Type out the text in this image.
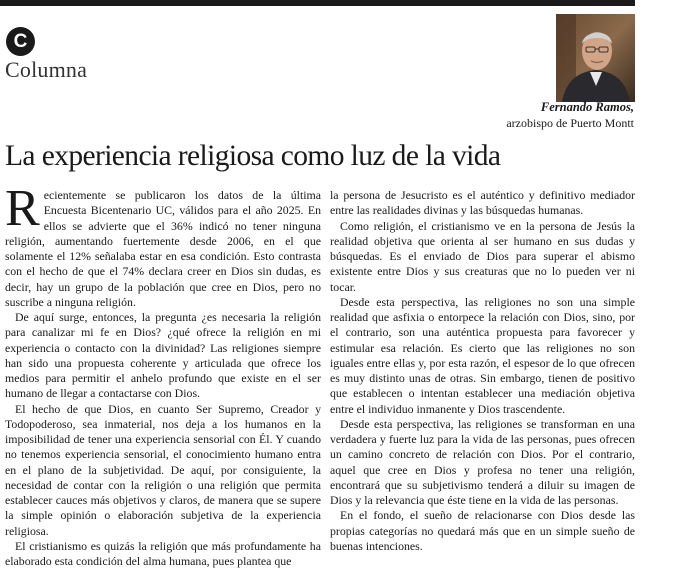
C
Columna
Fernando Ramos,
arzobispo de Puerto Montt
La experiencia religiosa como luz de la vida

Recientemente se publicaron los datos de la última Encuesta Bicentenario UC, válidos para el año 2025. En ellos se advierte que el 36% indicó no tener ninguna religión, aumentando fuertemente desde 2006, en el que solamente el 12% señalaba estar en esa condición. Esto contrasta con el hecho de que el 74% declara creer en Dios sin dudas, es decir, hay un grupo de la población que cree en Dios, pero no suscribe a ninguna religión.

De aquí surge, entonces, la pregunta ¿es necesaria la religión para canalizar mi fe en Dios? ¿qué ofrece la religión en mi experiencia o contacto con la divinidad? Las religiones siempre han sido una propuesta coherente y articulada que ofrece los medios para permitir el anhelo profundo que existe en el ser humano de llegar a contactarse con Dios.

El hecho de que Dios, en cuanto Ser Supremo, Creador y Todopoderoso, sea inmaterial, nos deja a los humanos en la imposibilidad de tener una experiencia sensorial con Él. Y cuando no tenemos experiencia sensorial, el conocimiento humano entra en el plano de la subjetividad. De aquí, por consiguiente, la necesidad de contar con la religión o una religión que permita establecer cauces más objetivos y claros, de manera que se supere la simple opinión o elaboración subjetiva de la experiencia religiosa.

El cristianismo es quizás la religión que más profundamente ha elaborado esta condición del alma humana, pues plantea que

la persona de Jesucristo es el auténtico y definitivo mediador entre las realidades divinas y las búsquedas humanas.

Como religión, el cristianismo ve en la persona de Jesús la realidad objetiva que orienta al ser humano en sus dudas y búsquedas. Es el enviado de Dios para superar el abismo existente entre Dios y sus creaturas que no lo pueden ver ni tocar.

Desde esta perspectiva, las religiones no son una simple realidad que asfixia o entorpece la relación con Dios, sino, por el contrario, son una auténtica propuesta para favorecer y estimular esa relación. Es cierto que las religiones no son iguales entre ellas y, por esta razón, el espesor de lo que ofrecen es muy distinto unas de otras. Sin embargo, tienen de positivo que establecen o intentan establecer una mediación objetiva entre el individuo inmanente y Dios trascendente.

Desde esta perspectiva, las religiones se transforman en una verdadera y fuerte luz para la vida de las personas, pues ofrecen un camino concreto de relación con Dios. Por el contrario, aquel que cree en Dios y profesa no tener una religión, encontrará que su subjetivismo tenderá a diluir su imagen de Dios y la relevancia que éste tiene en la vida de las personas.

En el fondo, el sueño de relacionarse con Dios desde las propias categorías no quedará más que en un simple sueño de buenas intenciones.
